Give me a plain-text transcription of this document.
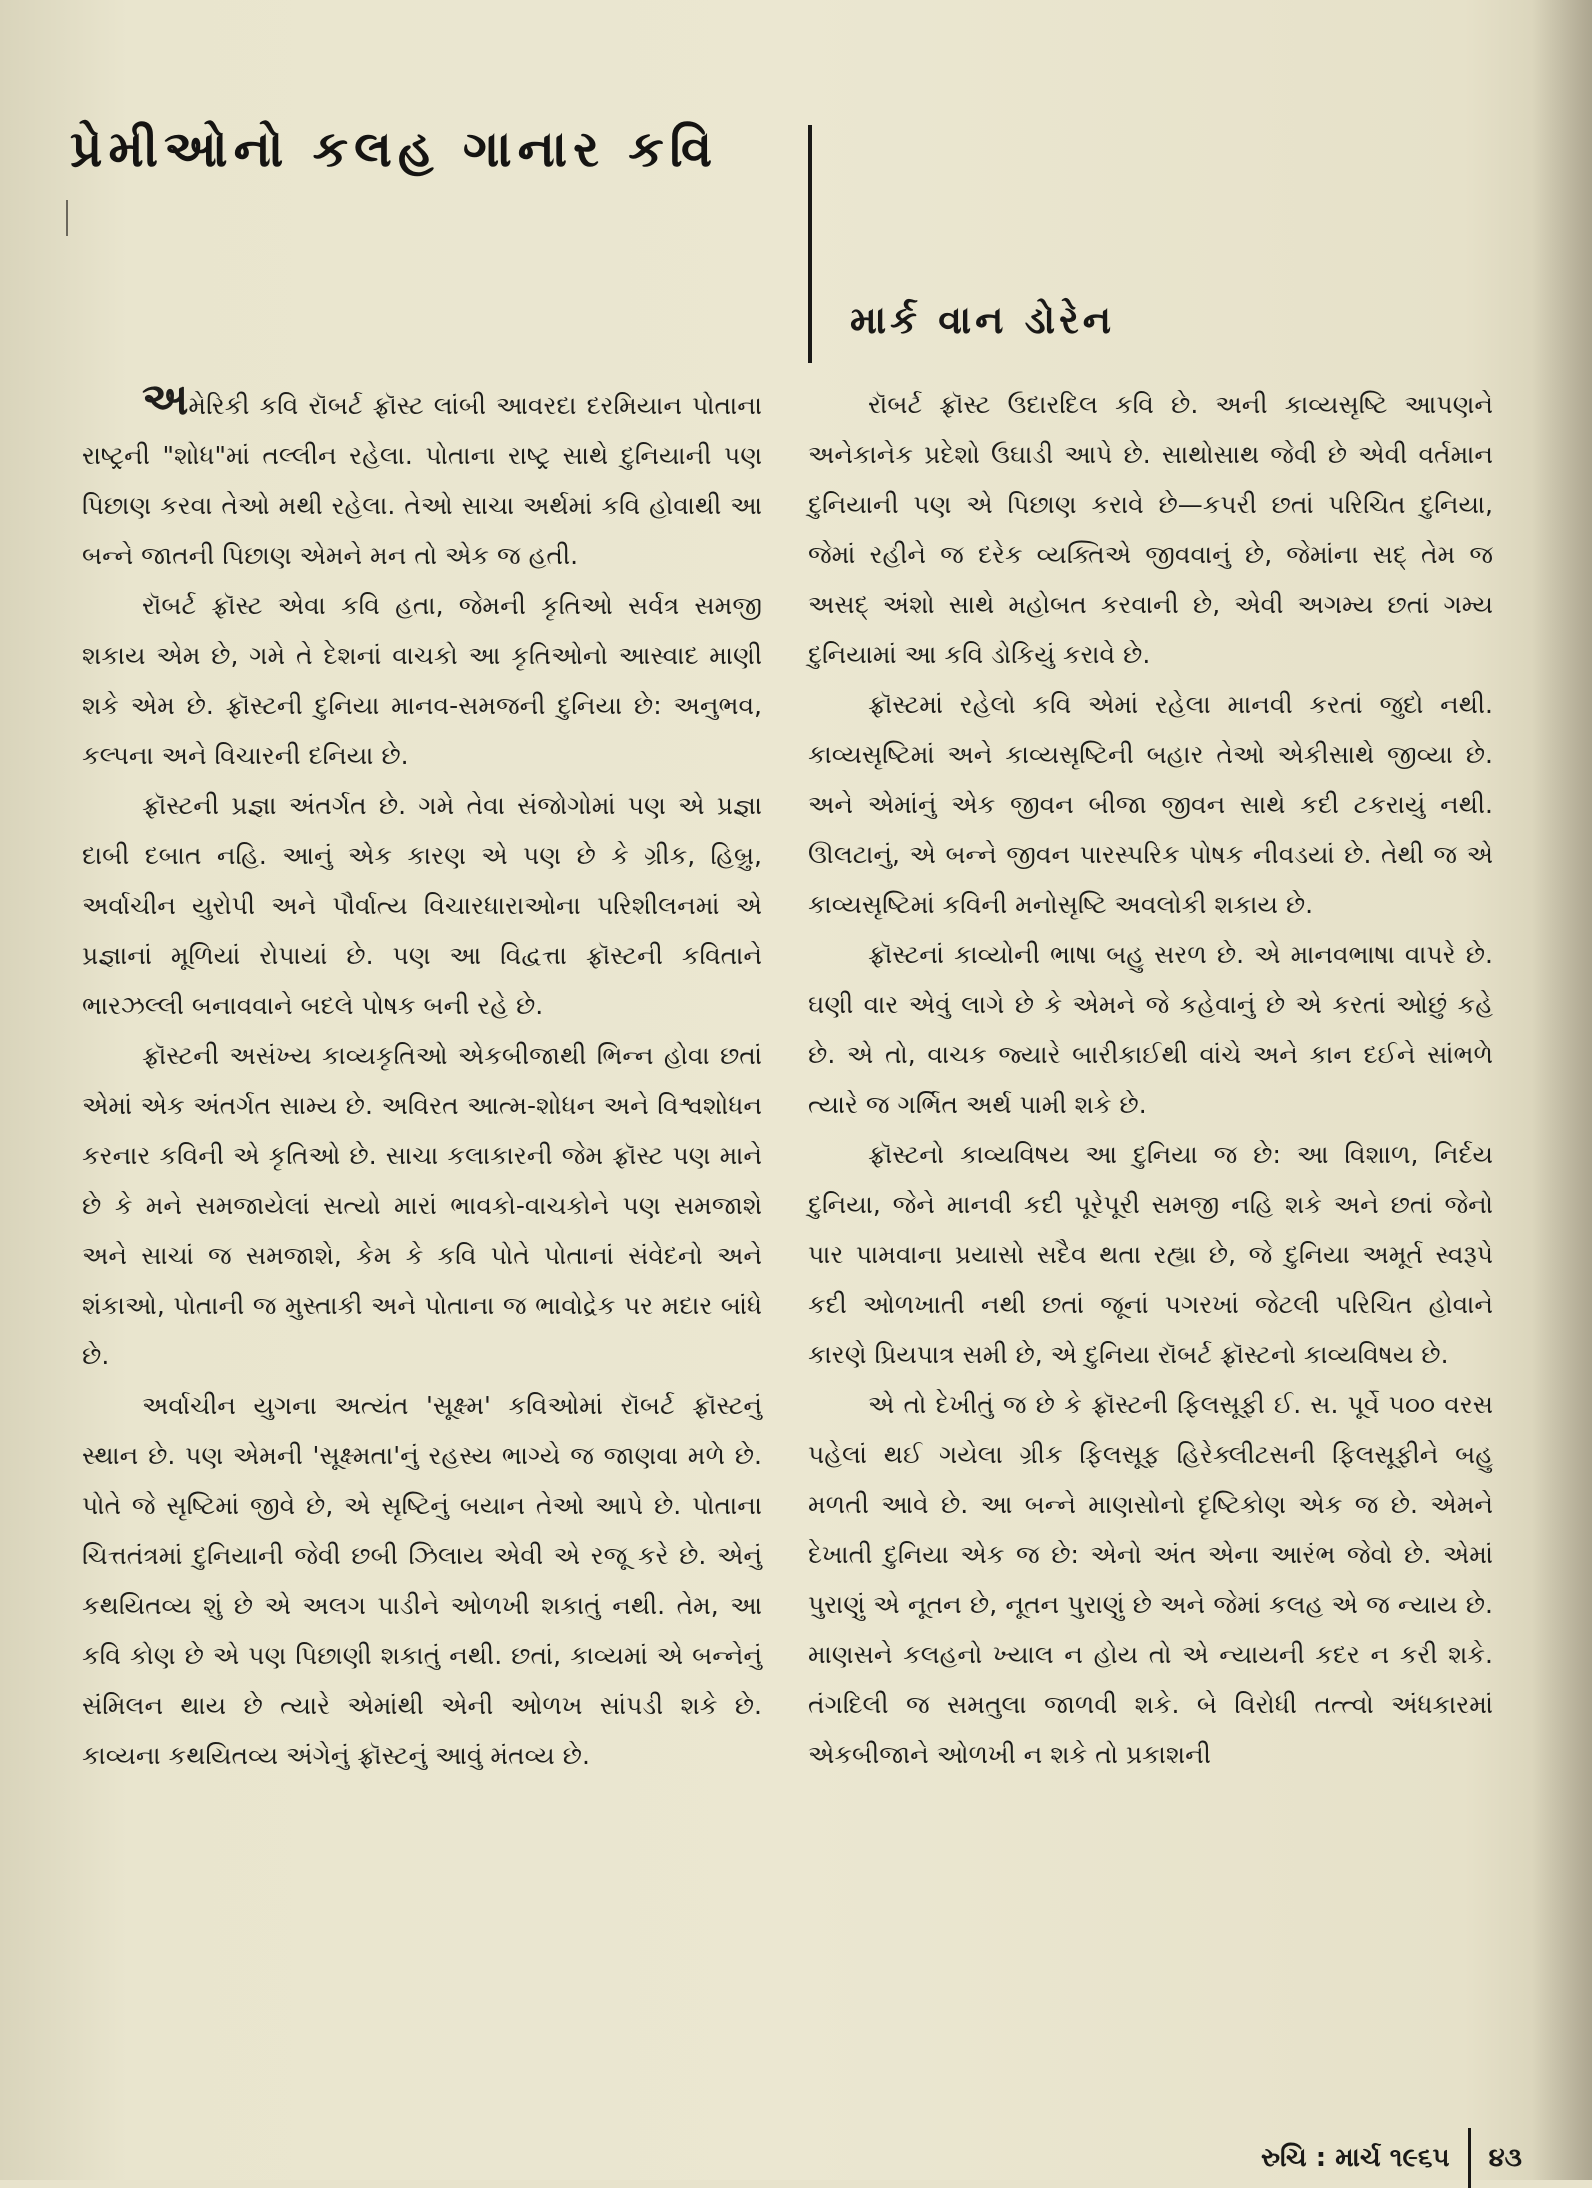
પ્રેમીઓનો કલહ ગાનાર કવિ
માર્ક વાન ડોરેન

અમેરિકી કવિ રૉબર્ટ ફ્રૉસ્ટ લાંબી આવરદા દરમિયાન પોતાના રાષ્ટ્રની "શોધ"માં તલ્લીન રહેલા. પોતાના રાષ્ટ્ર સાથે દુનિયાની પણ પિછાણ કરવા તેઓ મથી રહેલા. તેઓ સાચા અર્થમાં કવિ હોવાથી આ બન્ને જાતની પિછાણ એમને મન તો એક જ હતી.

રૉબર્ટ ફ્રૉસ્ટ એવા કવિ હતા, જેમની કૃતિઓ સર્વત્ર સમજી શકાય એમ છે, ગમે તે દેશનાં વાચકો આ કૃતિઓનો આસ્વાદ માણી શકે એમ છે. ફ્રૉસ્ટની દુનિયા માનવ-સમજની દુનિયા છે: અનુભવ, કલ્પના અને વિચારની દનિયા છે.

ફ્રૉસ્ટની પ્રજ્ઞા અંતર્ગત છે. ગમે તેવા સંજોગોમાં પણ એ પ્રજ્ઞા દાબી દબાત નહિ. આનું એક કારણ એ પણ છે કે ગ્રીક, હિબ્રુ, અર્વાચીન યુરોપી અને પૌર્વાત્ય વિચારધારાઓના પરિશીલનમાં એ પ્રજ્ઞાનાં મૂળિયાં રોપાયાં છે. પણ આ વિદ્વત્તા ફ્રૉસ્ટની કવિતાને ભારઝલ્લી બનાવવાને બદલે પોષક બની રહે છે.

ફ્રૉસ્ટની અસંખ્ય કાવ્યકૃતિઓ એકબીજાથી ભિન્ન હોવા છતાં એમાં એક અંતર્ગત સામ્ય છે. અવિરત આત્મ-શોધન અને વિશ્વશોધન કરનાર કવિની એ કૃતિઓ છે. સાચા કલાકારની જેમ ફ્રૉસ્ટ પણ માને છે કે મને સમજાયેલાં સત્યો મારાં ભાવકો-વાચકોને પણ સમજાશે અને સાચાં જ સમજાશે, કેમ કે કવિ પોતે પોતાનાં સંવેદનો અને શંકાઓ, પોતાની જ મુસ્તાકી અને પોતાના જ ભાવોદ્રેક પર મદાર બાંધે છે.

અર્વાચીન યુગના અત્યંત 'સૂક્ષ્મ' કવિઓમાં રૉબર્ટ ફ્રૉસ્ટનું સ્થાન છે. પણ એમની 'સૂક્ષ્મતા'નું રહસ્ય ભાગ્યે જ જાણવા મળે છે. પોતે જે સૃષ્ટિમાં જીવે છે, એ સૃષ્ટિનું બયાન તેઓ આપે છે. પોતાના ચિત્તતંત્રમાં દુનિયાની જેવી છબી ઝિલાય એવી એ રજૂ કરે છે. એનું કથયિતવ્ય શું છે એ અલગ પાડીને ઓળખી શકાતું નથી. તેમ, આ કવિ કોણ છે એ પણ પિછાણી શકાતું નથી. છતાં, કાવ્યમાં એ બન્નેનું સંમિલન થાય છે ત્યારે એમાંથી એની ઓળખ સાંપડી શકે છે. કાવ્યના કથયિતવ્ય અંગેનું ફ્રૉસ્ટનું આવું મંતવ્ય છે.

રૉબર્ટ ફ્રૉસ્ટ ઉદારદિલ કવિ છે. અની કાવ્યસૃષ્ટિ આપણને અનેકાનેક પ્રદેશો ઉઘાડી આપે છે. સાથોસાથ જેવી છે એવી વર્તમાન દુનિયાની પણ એ પિછાણ કરાવે છે—કપરી છતાં પરિચિત દુનિયા, જેમાં રહીને જ દરેક વ્યક્તિએ જીવવાનું છે, જેમાંના સદ્ તેમ જ અસદ્ અંશો સાથે મહોબત કરવાની છે, એવી અગમ્ય છતાં ગમ્ય દુનિયામાં આ કવિ ડોકિયું કરાવે છે.

ફ્રૉસ્ટમાં રહેલો કવિ એમાં રહેલા માનવી કરતાં જુદો નથી. કાવ્યસૃષ્ટિમાં અને કાવ્યસૃષ્ટિની બહાર તેઓ એકીસાથે જીવ્યા છે. અને એમાંનું એક જીવન બીજા જીવન સાથે કદી ટકરાયું નથી. ઊલટાનું, એ બન્ને જીવન પારસ્પરિક પોષક નીવડયાં છે. તેથી જ એ કાવ્યસૃષ્ટિમાં કવિની મનોસૃષ્ટિ અવલોકી શકાય છે.

ફ્રૉસ્ટનાં કાવ્યોની ભાષા બહુ સરળ છે. એ માનવભાષા વાપરે છે. ઘણી વાર એવું લાગે છે કે એમને જે કહેવાનું છે એ કરતાં ઓછું કહે છે. એ તો, વાચક જ્યારે બારીકાઈથી વાંચે અને કાન દઈને સાંભળે ત્યારે જ ગર્ભિત અર્થ પામી શકે છે.

ફ્રૉસ્ટનો કાવ્યવિષય આ દુનિયા જ છે: આ વિશાળ, નિર્દય દુનિયા, જેને માનવી કદી પૂરેપૂરી સમજી નહિ શકે અને છતાં જેનો પાર પામવાના પ્રયાસો સદૈવ થતા રહ્યા છે, જે દુનિયા અમૂર્ત સ્વરૂપે કદી ઓળખાતી નથી છતાં જૂનાં પગરખાં જેટલી પરિચિત હોવાને કારણે પ્રિયપાત્ર સમી છે, એ દુનિયા રૉબર્ટ ફ્રૉસ્ટનો કાવ્યવિષય છે.

એ તો દેખીતું જ છે કે ફ્રૉસ્ટની ફિલસૂફી ઈ. સ. પૂર્વે ૫૦૦ વરસ પહેલાં થઈ ગયેલા ગ્રીક ફિલસૂફ હિરેક્લીટસની ફિલસૂફીને બહુ મળતી આવે છે. આ બન્ને માણસોનો દૃષ્ટિકોણ એક જ છે. એમને દેખાતી દુનિયા એક જ છે: એનો અંત એના આરંભ જેવો છે. એમાં પુરાણું એ નૂતન છે, નૂતન પુરાણું છે અને જેમાં કલહ એ જ ન્યાય છે. માણસને કલહનો ખ્યાલ ન હોય તો એ ન્યાયની કદર ન કરી શકે. તંગદિલી જ સમતુલા જાળવી શકે. બે વિરોધી તત્ત્વો અંધકારમાં એકબીજાને ઓળખી ન શકે તો પ્રકાશની

રુચિ : માર્ચ ૧૯૬૫ ૪૩
